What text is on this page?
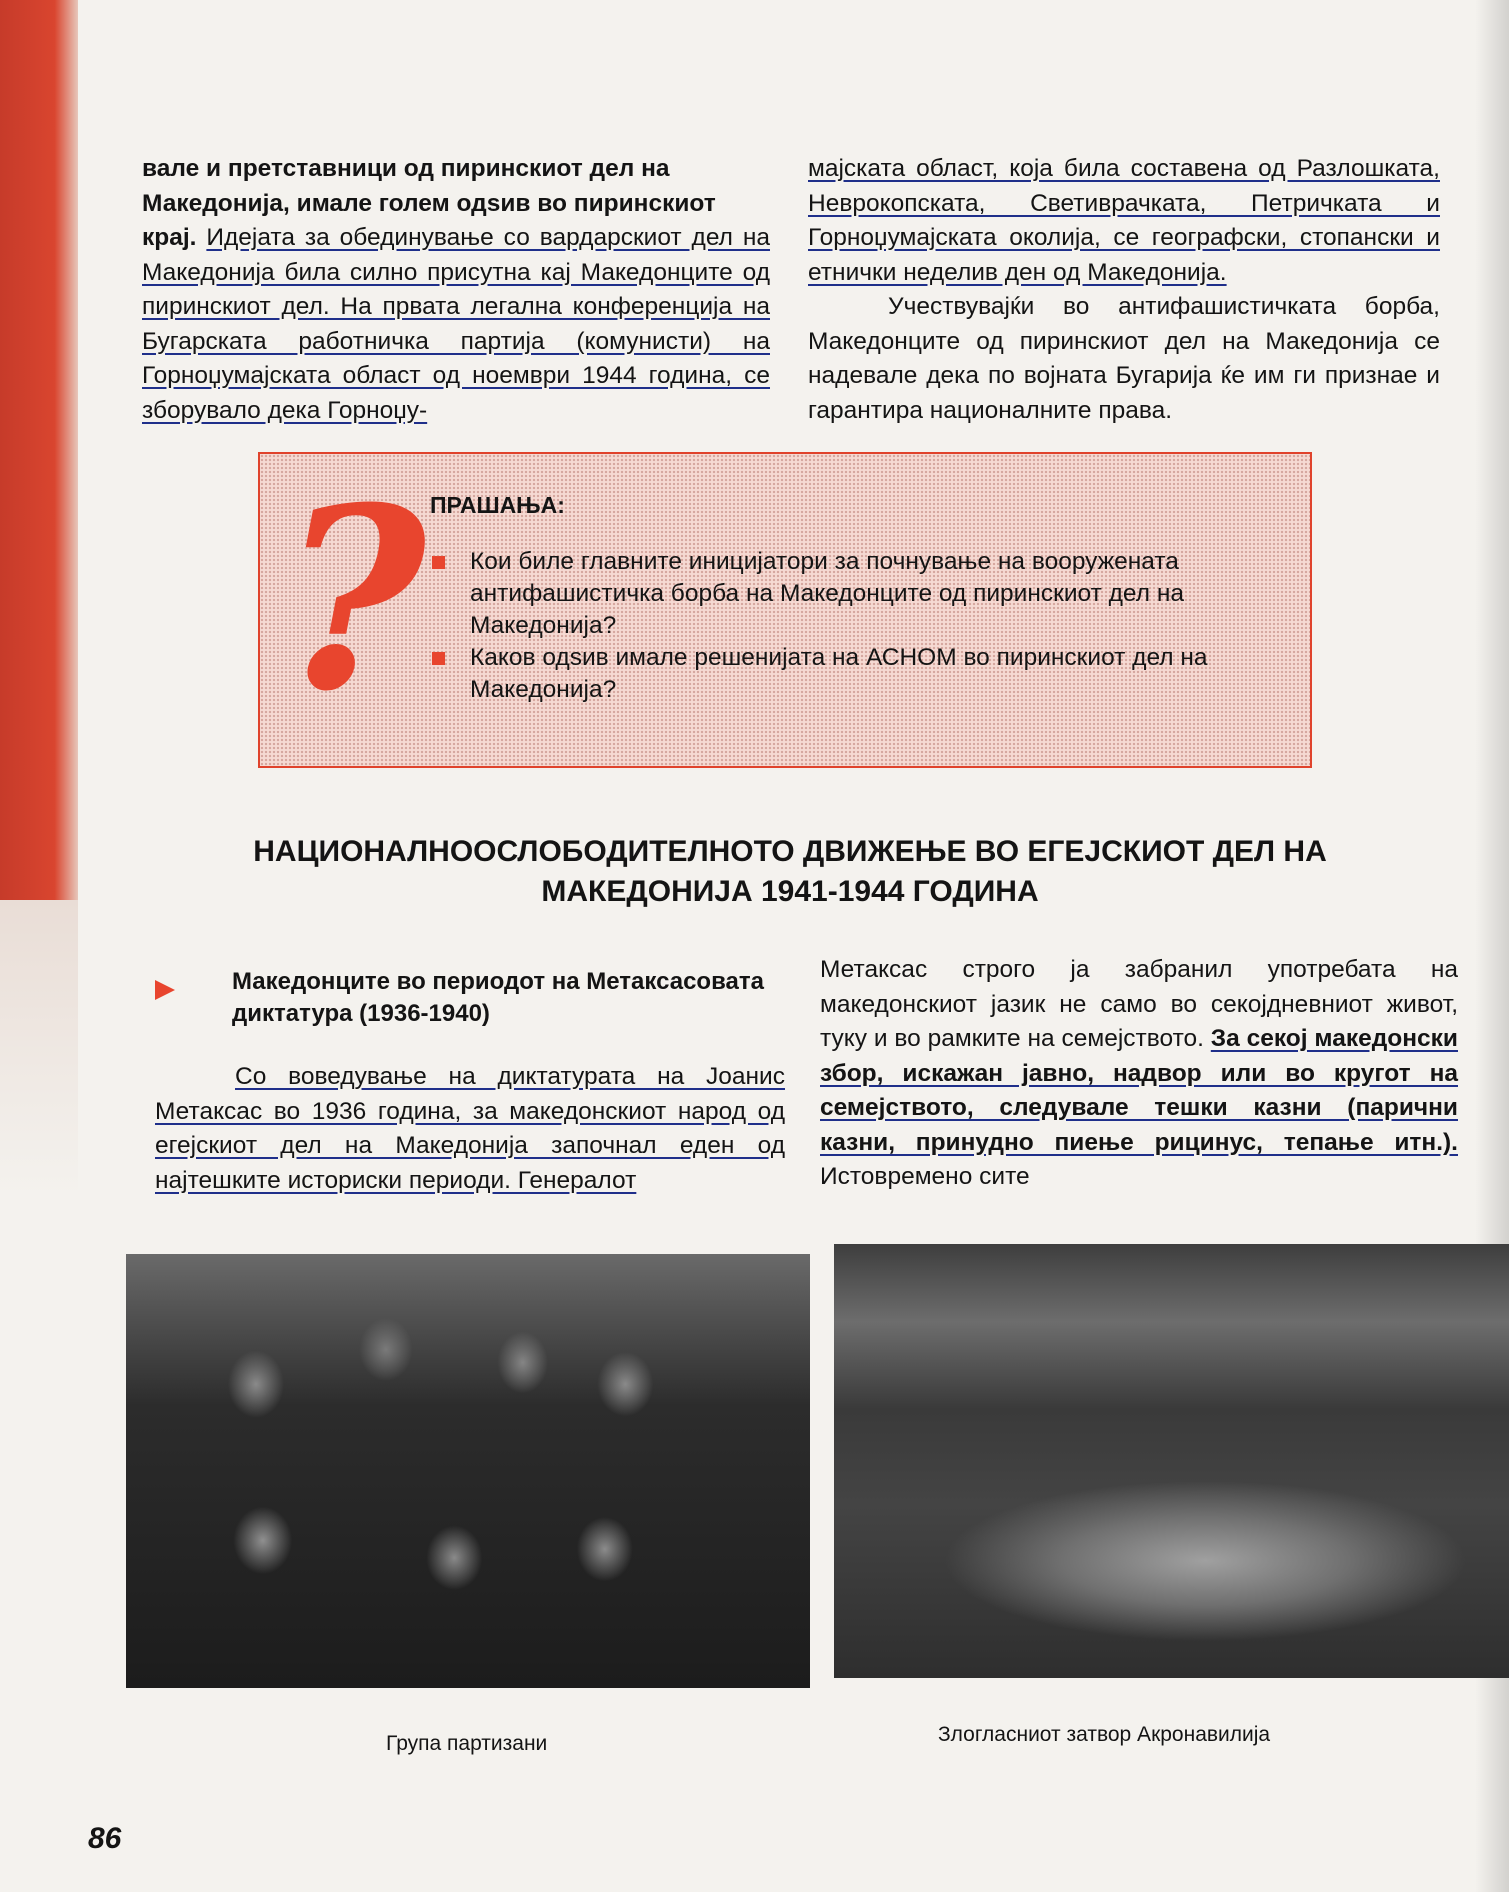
вале и претставници од пиринскиот дел на

Македонија, имале голем одѕив во пиринскиот

крај. Идејата за обединување со вардарскиот дел на Македонија била силно присутна кај Македонците од пиринскиот дел. На првата легална конференција на Бугарската работничка партија (комунисти) на Горноџумајската област од ноември 1944 година, се зборувало дека Горноџу-

мајската област, која била составена од Разлошката, Неврокопската, Светиврачката, Петричката и Горноџумајската околија, се географски, стопански и етнички неделив ден од Македонија.

Учествувајќи во антифашистичката борба, Македонците од пиринскиот дел на Македонија се надевале дека по војната Бугарија ќе им ги признае и гарантира националните права.

? ПРАШАЊА:
Кои биле главните иницијатори за почнување на вооружената антифашистичка борба на Македонците од пиринскиот дел на Македонија?
Каков одѕив имале решенијата на АСНОМ во пиринскиот дел на Македонија?
НАЦИОНАЛНООСЛОБОДИТЕЛНОТО ДВИЖЕЊЕ ВО ЕГЕЈСКИОТ ДЕЛ НА
МАКЕДОНИЈА 1941-1944 ГОДИНА
Македонците во периодот на Метаксасовата диктатура (1936-1940)

Со воведување на диктатурата на Јоанис Метаксас во 1936 година, за македонскиот народ од егејскиот дел на Македонија започнал еден од најтешките историски периоди. Генералот

Метаксас строго ја забранил употребата на македонскиот јазик не само во секојдневниот живот, туку и во рамките на семејството. За секој македонски збор, искажан јавно, надвор или во кругот на семејството, следувале тешки казни (парични казни, принудно пиење рицинус, тепање итн.). Истовремено сите

Група партизани	Злогласниот затвор Акронавилија
86
